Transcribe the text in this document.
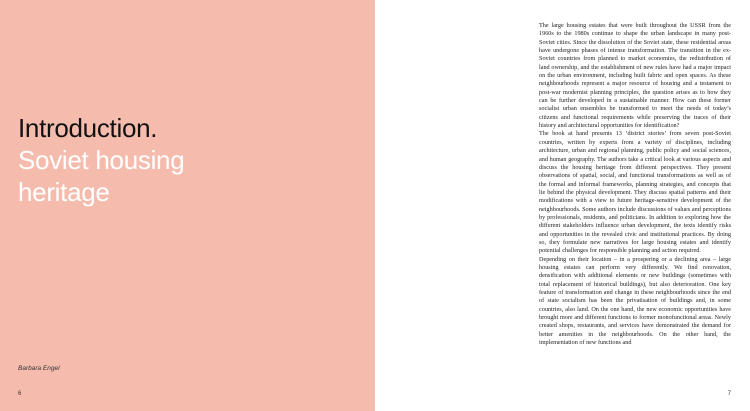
Introduction.
Soviet housing
heritage
Barbara Engel
6

The large housing estates that were built throughout the USSR from the 1960s to the 1980s continue to shape the urban landscape in many post-Soviet cities. Since the dissolution of the Soviet state, these residential areas have undergone phases of intense transformation. The transition in the ex-Soviet countries from planned to market economies, the redistribution of land ownership, and the establishment of new rules have had a major impact on the urban environment, including built fabric and open spaces. As these neighbourhoods represent a major resource of housing and a testament to post-war modernist planning principles, the question arises as to how they can be further developed in a sustainable manner. How can these former socialist urban ensembles be transformed to meet the needs of today’s citizens and functional requirements while preserving the traces of their history and architectural opportunities for identification?

The book at hand presents 13 ‘district stories’ from seven post-Soviet countries, written by experts from a variety of disciplines, including architecture, urban and regional planning, public policy and social sciences, and human geography. The authors take a critical look at various aspects and discuss the housing heritage from different perspectives. They present observations of spatial, social, and functional transformations as well as of the formal and informal frameworks, planning strategies, and concepts that lie behind the physical development. They discuss spatial patterns and their modifications with a view to future heritage-sensitive development of the neighbourhoods. Some authors include discussions of values and perceptions by professionals, residents, and politicians. In addition to exploring how the different stakeholders influence urban development, the texts identify risks and opportunities in the revealed civic and institutional practices. By doing so, they formulate new narratives for large housing estates and identify potential challenges for responsible planning and action required.

Depending on their location – in a prospering or a declining area – large housing estates can perform very differently. We find renovation, densification with additional elements or new buildings (sometimes with total replacement of historical buildings), but also deterioration. One key feature of transformation and change in these neighbourhoods since the end of state socialism has been the privatisation of buildings and, in some countries, also land. On the one hand, the new economic opportunities have brought more and different functions to former monofunctional areas. Newly created shops, restaurants, and services have demonstrated the demand for better amenities in the neighbourhoods. On the other hand, the implementation of new functions and

7
